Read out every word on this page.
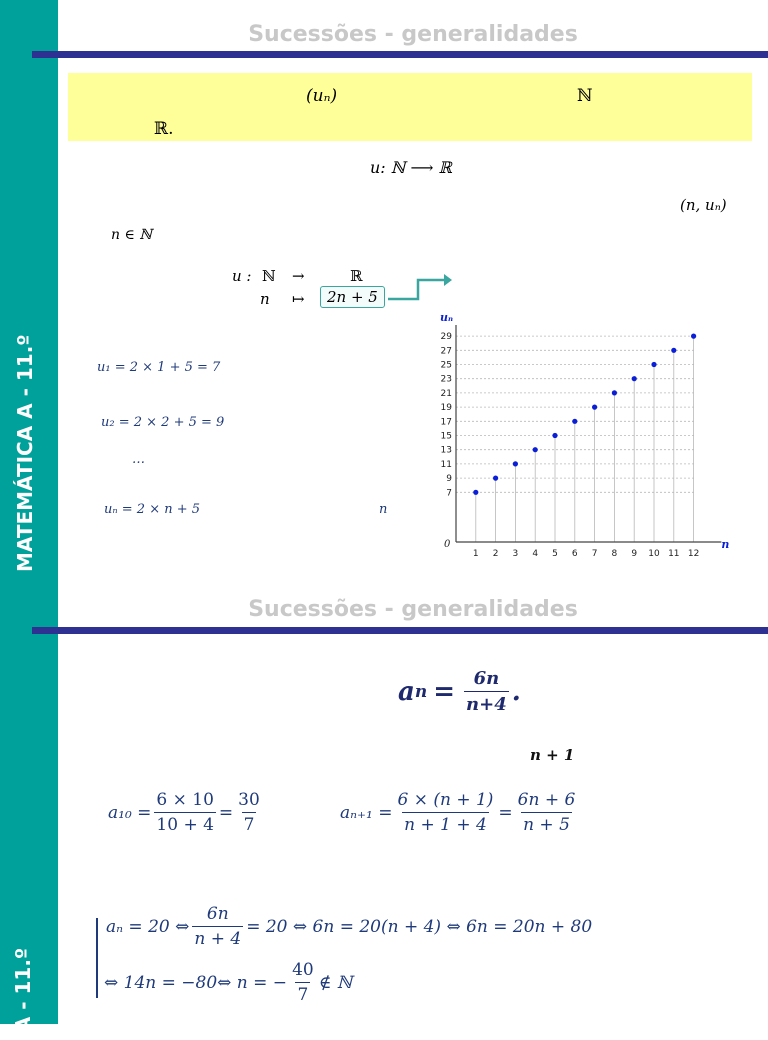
MATEMÁTICA A - 11.º
A - 11.º
Sucessões - generalidades
(uₙ)	ℕ
ℝ.
u: ℕ ⟶ ℝ
(n, uₙ)
n ∈ ℕ
u : ℕ →	ℝ
n ↦	2n + 5
u₁ = 2 × 1 + 5 = 7
u₂ = 2 × 2 + 5 = 9
…
uₙ = 2 × n + 5	n
1 2 3 4 5 6 7 8 9 10 11 12
7
9
11
13
15
17
19
21
23
25
27
29
0	n
uₙ
Sucessões - generalidades
a $n = \frac{6n}{n+4}$ .
n + 1
$a_{10} = \frac{6 \times 10}{10 + 4} = \frac{30}{7}$	$a_{n+1} = \frac{6 \times (n + 1)}{n + 1 + 4} = \frac{6n + 6}{n + 5}$
aₙ = 20 ⇔ $\frac{6n}{n + 4} = 20$ ⇔ 6n = 20(n + 4) ⇔ 6n = 20n + 80
⇔ 14n = −80⇔ n = − $\frac{40}{7}$ ∉ ℕ
